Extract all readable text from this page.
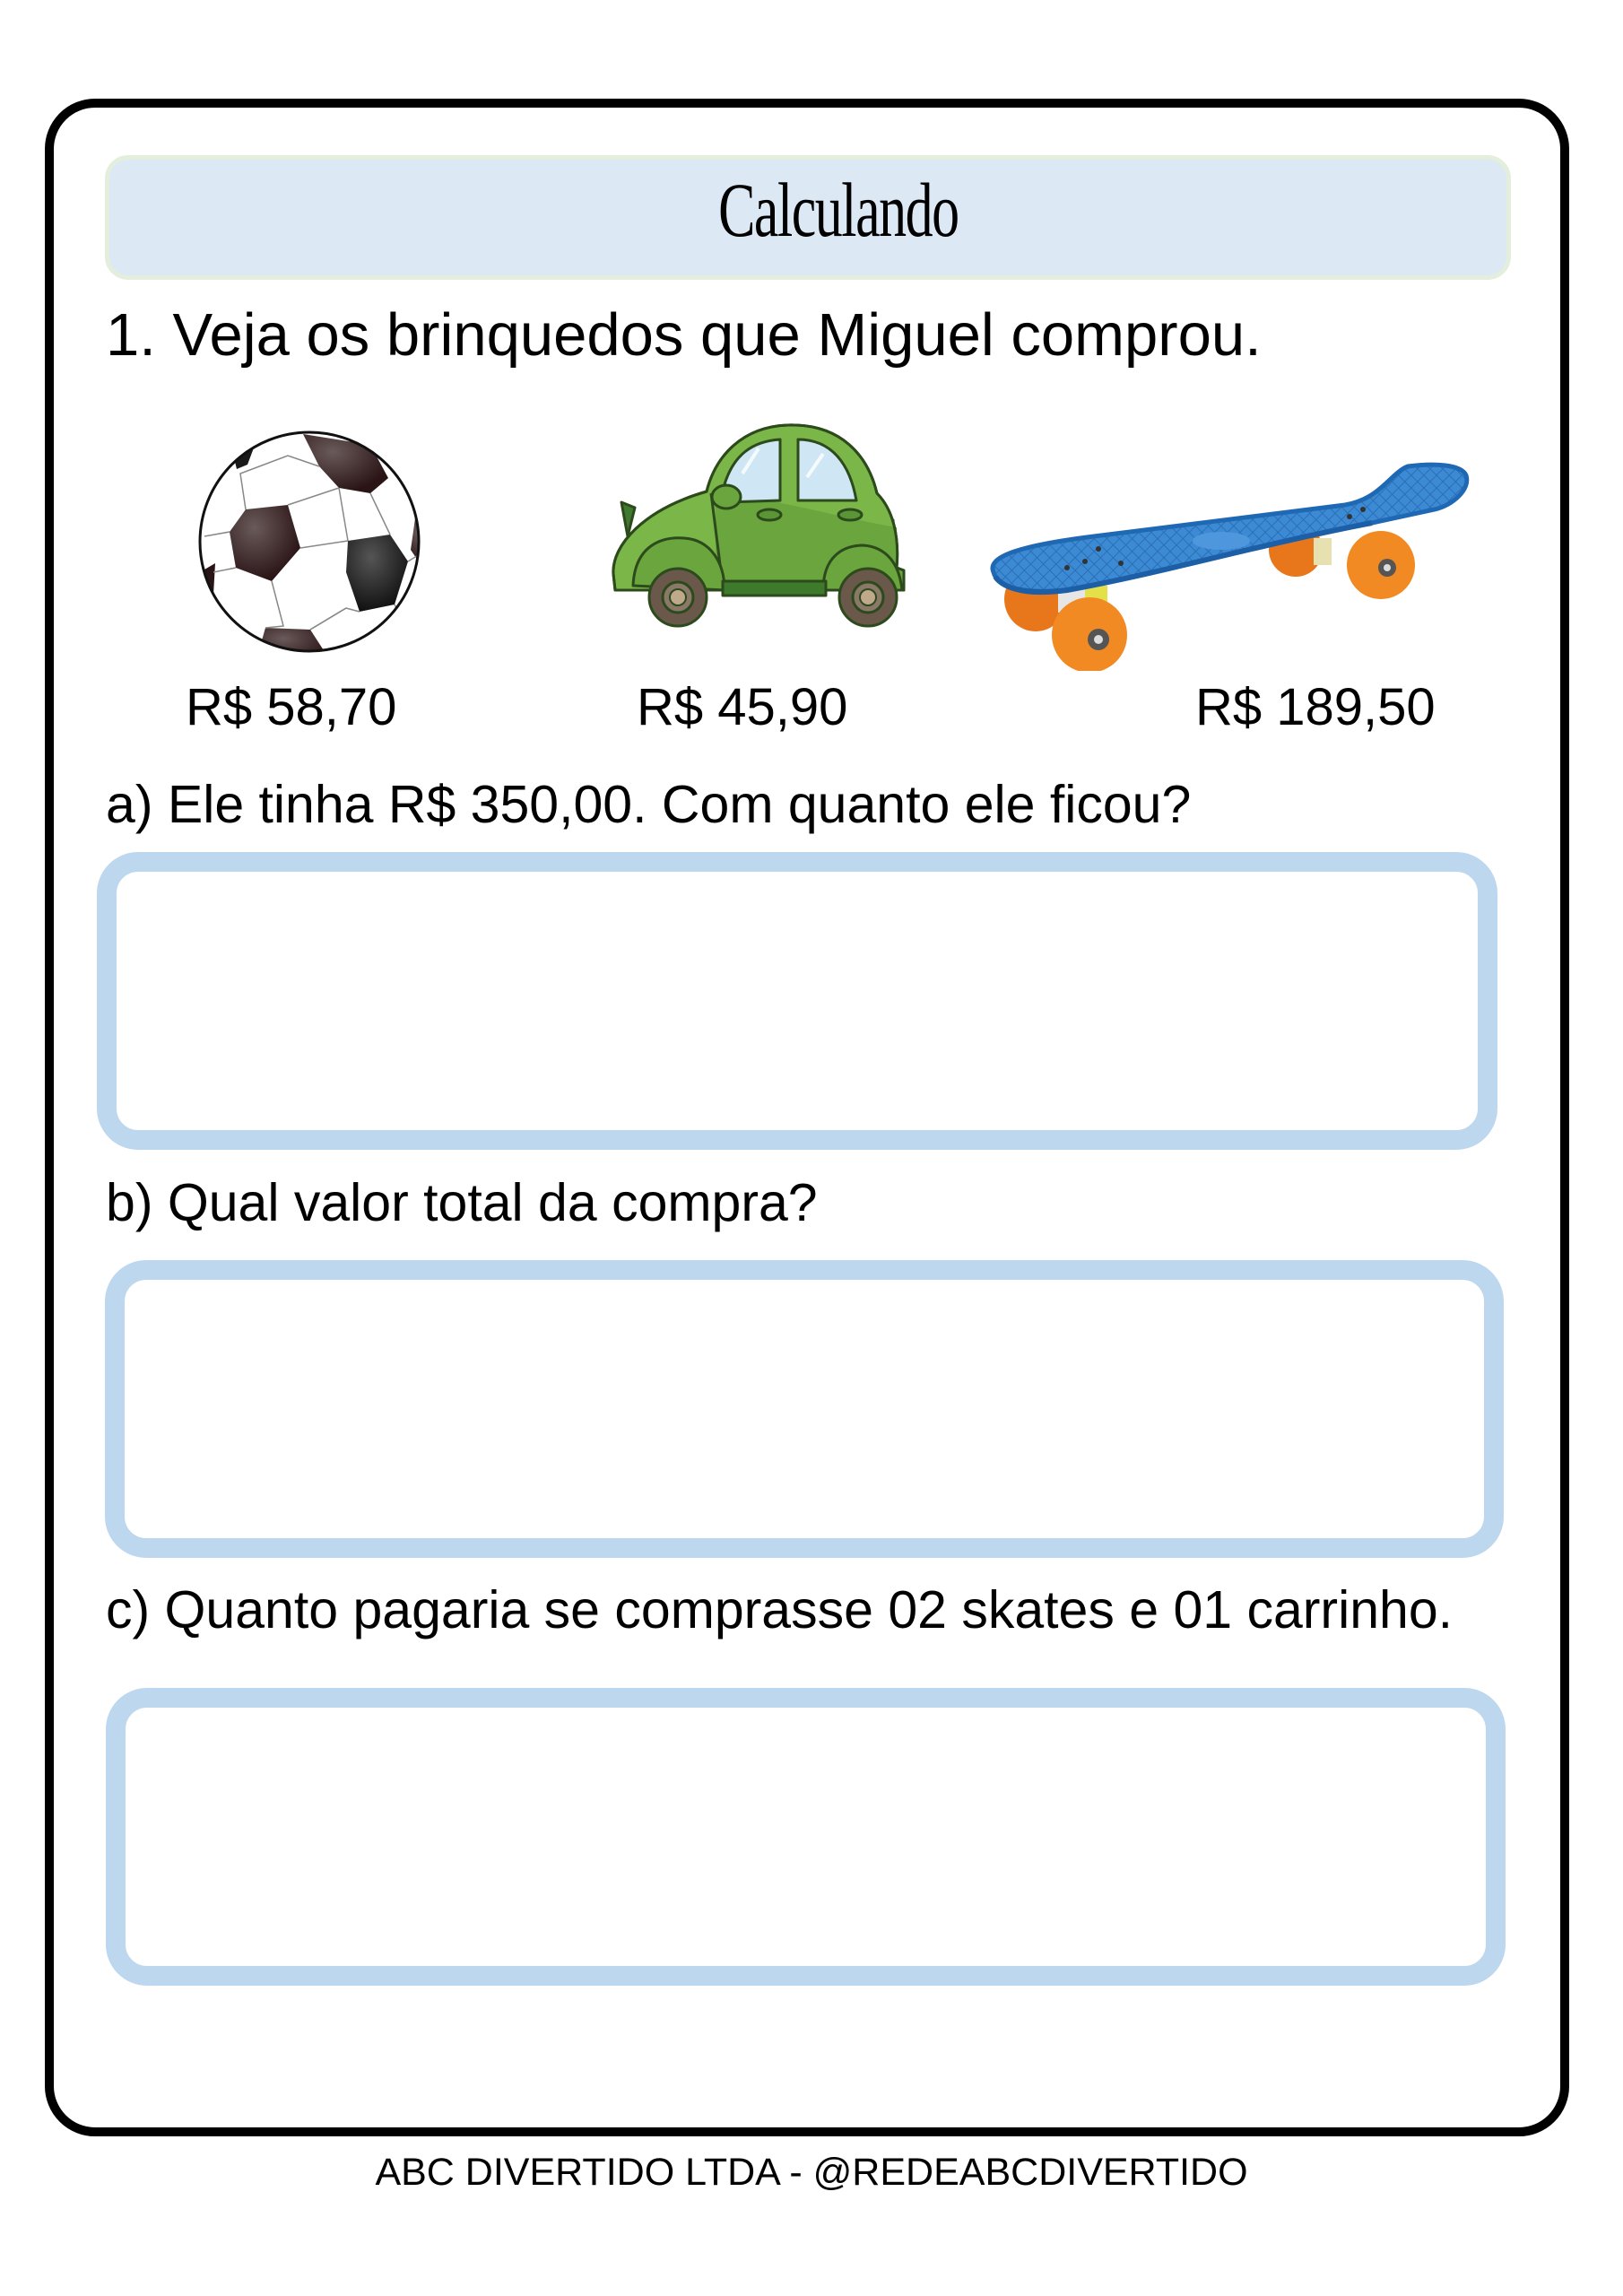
Calculando
1. Veja os brinquedos que Miguel comprou.
R$ 58,70	R$ 45,90	R$ 189,50
a) Ele tinha R$ 350,00. Com quanto ele ficou?
b) Qual valor total da compra?
c) Quanto pagaria se comprasse 02 skates e 01 carrinho.
ABC DIVERTIDO LTDA - @REDEABCDIVERTIDO
